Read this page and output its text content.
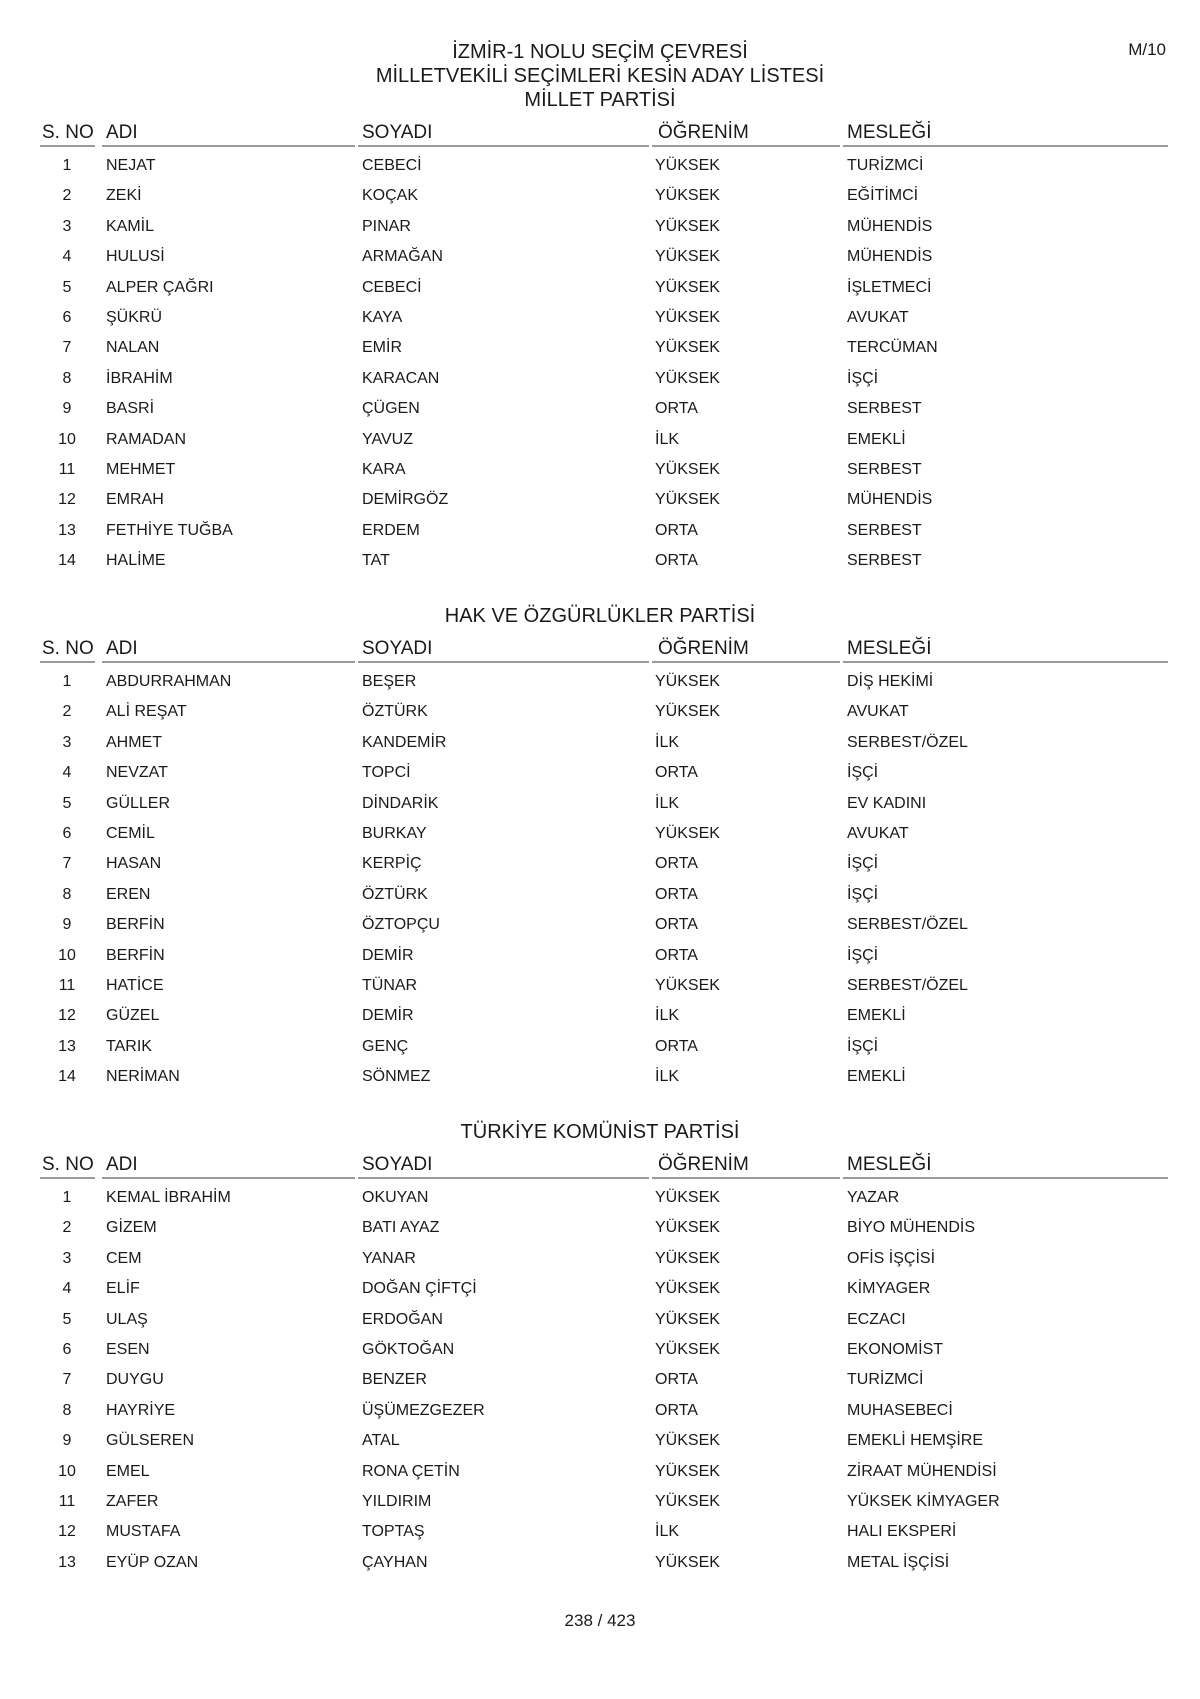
M/10
İZMİR-1 NOLU SEÇİM ÇEVRESİ
MİLLETVEKİLİ SEÇİMLERİ KESİN ADAY LİSTESİ
MİLLET PARTİSİ
S. NO ADI	SOYADI	ÖĞRENİM	MESLEĞİ
1	NEJAT	CEBECİ	YÜKSEK	TURİZMCİ
2	ZEKİ	KOÇAK	YÜKSEK	EĞİTİMCİ
3	KAMİL	PINAR	YÜKSEK	MÜHENDİS
4	HULUSİ	ARMAĞAN	YÜKSEK	MÜHENDİS
5	ALPER ÇAĞRI	CEBECİ	YÜKSEK	İŞLETMECİ
6	ŞÜKRÜ	KAYA	YÜKSEK	AVUKAT
7	NALAN	EMİR	YÜKSEK	TERCÜMAN
8	İBRAHİM	KARACAN	YÜKSEK	İŞÇİ
9	BASRİ	ÇÜGEN	ORTA	SERBEST
10	RAMADAN	YAVUZ	İLK	EMEKLİ
11	MEHMET	KARA	YÜKSEK	SERBEST
12	EMRAH	DEMİRGÖZ	YÜKSEK	MÜHENDİS
13	FETHİYE TUĞBA	ERDEM	ORTA	SERBEST
14	HALİME	TAT	ORTA	SERBEST
HAK VE ÖZGÜRLÜKLER PARTİSİ
S. NO ADI	SOYADI	ÖĞRENİM	MESLEĞİ
1	ABDURRAHMAN	BEŞER	YÜKSEK	DİŞ HEKİMİ
2	ALİ REŞAT	ÖZTÜRK	YÜKSEK	AVUKAT
3	AHMET	KANDEMİR	İLK	SERBEST/ÖZEL
4	NEVZAT	TOPCİ	ORTA	İŞÇİ
5	GÜLLER	DİNDARİK	İLK	EV KADINI
6	CEMİL	BURKAY	YÜKSEK	AVUKAT
7	HASAN	KERPİÇ	ORTA	İŞÇİ
8	EREN	ÖZTÜRK	ORTA	İŞÇİ
9	BERFİN	ÖZTOPÇU	ORTA	SERBEST/ÖZEL
10	BERFİN	DEMİR	ORTA	İŞÇİ
11	HATİCE	TÜNAR	YÜKSEK	SERBEST/ÖZEL
12	GÜZEL	DEMİR	İLK	EMEKLİ
13	TARIK	GENÇ	ORTA	İŞÇİ
14	NERİMAN	SÖNMEZ	İLK	EMEKLİ
TÜRKİYE KOMÜNİST PARTİSİ
S. NO ADI	SOYADI	ÖĞRENİM	MESLEĞİ
1	KEMAL İBRAHİM	OKUYAN	YÜKSEK	YAZAR
2	GİZEM	BATI AYAZ	YÜKSEK	BİYO MÜHENDİS
3	CEM	YANAR	YÜKSEK	OFİS İŞÇİSİ
4	ELİF	DOĞAN ÇİFTÇİ	YÜKSEK	KİMYAGER
5	ULAŞ	ERDOĞAN	YÜKSEK	ECZACI
6	ESEN	GÖKTOĞAN	YÜKSEK	EKONOMİST
7	DUYGU	BENZER	ORTA	TURİZMCİ
8	HAYRİYE	ÜŞÜMEZGEZER	ORTA	MUHASEBECİ
9	GÜLSEREN	ATAL	YÜKSEK	EMEKLİ HEMŞİRE
10	EMEL	RONA ÇETİN	YÜKSEK	ZİRAAT MÜHENDİSİ
11	ZAFER	YILDIRIM	YÜKSEK	YÜKSEK KİMYAGER
12	MUSTAFA	TOPTAŞ	İLK	HALI EKSPERİ
13	EYÜP OZAN	ÇAYHAN	YÜKSEK	METAL İŞÇİSİ
238 / 423
